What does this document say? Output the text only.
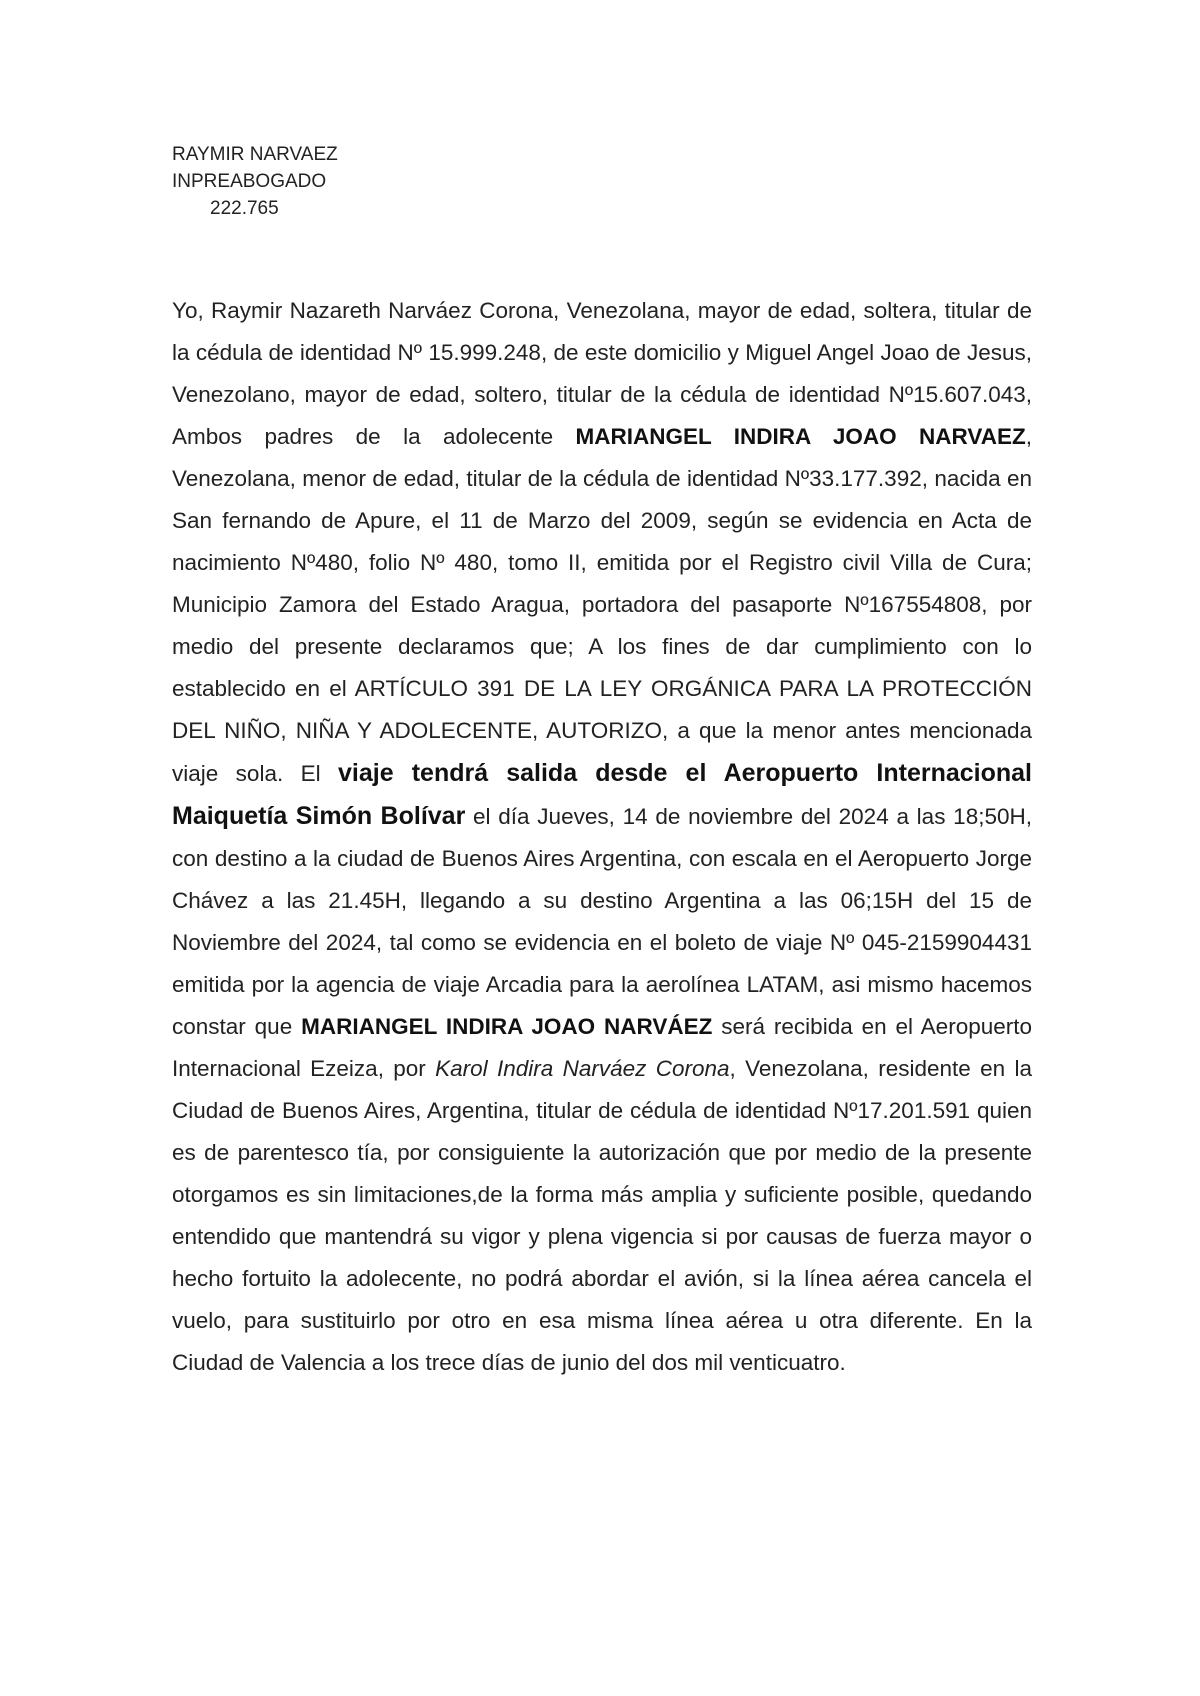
RAYMIR NARVAEZ
INPREABOGADO
222.765
Yo, Raymir Nazareth Narváez Corona, Venezolana, mayor de edad, soltera, titular de la cédula de identidad Nº 15.999.248, de este domicilio y Miguel Angel Joao de Jesus, Venezolano, mayor de edad, soltero, titular de la cédula de identidad Nº15.607.043, Ambos padres de la adolecente MARIANGEL INDIRA JOAO NARVAEZ, Venezolana, menor de edad, titular de la cédula de identidad Nº33.177.392, nacida en San fernando de Apure, el 11 de Marzo del 2009, según se evidencia en Acta de nacimiento Nº480, folio Nº 480, tomo II, emitida por el Registro civil Villa de Cura; Municipio Zamora del Estado Aragua, portadora del pasaporte Nº167554808, por medio del presente declaramos que; A los fines de dar cumplimiento con lo establecido en el ARTÍCULO 391 DE LA LEY ORGÁNICA PARA LA PROTECCIÓN DEL NIÑO, NIÑA Y ADOLECENTE, AUTORIZO, a que la menor antes mencionada viaje sola. El viaje tendrá salida desde el Aeropuerto Internacional Maiquetía Simón Bolívar el día Jueves, 14 de noviembre del 2024 a las 18;50H, con destino a la ciudad de Buenos Aires Argentina, con escala en el Aeropuerto Jorge Chávez a las 21.45H, llegando a su destino Argentina a las 06;15H del 15 de Noviembre del 2024, tal como se evidencia en el boleto de viaje Nº 045-2159904431 emitida por la agencia de viaje Arcadia para la aerolínea LATAM, asi mismo hacemos constar que MARIANGEL INDIRA JOAO NARVÁEZ será recibida en el Aeropuerto Internacional Ezeiza, por Karol Indira Narváez Corona, Venezolana, residente en la Ciudad de Buenos Aires, Argentina, titular de cédula de identidad Nº17.201.591 quien es de parentesco tía, por consiguiente la autorización que por medio de la presente otorgamos es sin limitaciones,de la forma más amplia y suficiente posible, quedando entendido que mantendrá su vigor y plena vigencia si por causas de fuerza mayor o hecho fortuito la adolecente, no podrá abordar el avión, si la línea aérea cancela el vuelo, para sustituirlo por otro en esa misma línea aérea u otra diferente. En la Ciudad de Valencia a los trece días de junio del dos mil venticuatro.
